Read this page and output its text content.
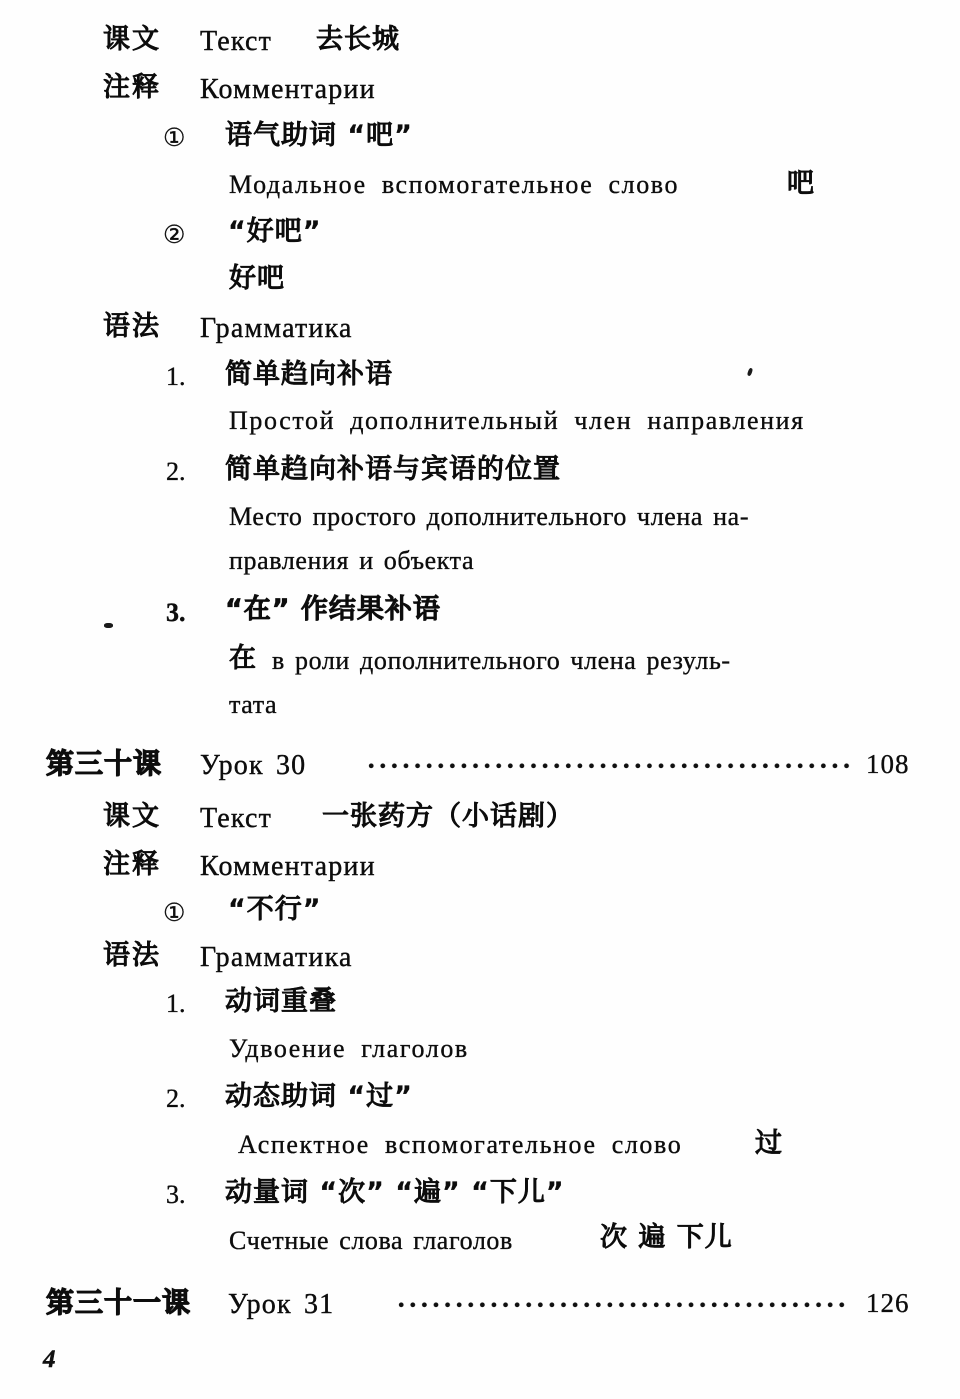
课文 Текст 去长城
注释 Комментарии
① 语气助词 “吧”
Модальное вспомогательное слово	吧
② “好吧”
好吧
语法 Грамматика
1. 简单趋向补语
Простой дополнительный член направления
2. 简单趋向补语与宾语的位置
Место простого дополнительного члена на-
правления и объекта
3. “在” 作结果补语
在 в роли дополнительного члена резуль-
тата
第三十课 Урок 30	108
课文 Текст 一张药方（小话剧）
注释 Комментарии
① “不行”
语法 Грамматика
1. 动词重叠
Удвоение глаголов
2. 动态助词 “过”
Аспектное вспомогательное слово	过
3. 动量词 “次” “遍” “下儿”
Счетные слова глаголов	次 遍 下儿
第三十一课 Урок 31	126
4
